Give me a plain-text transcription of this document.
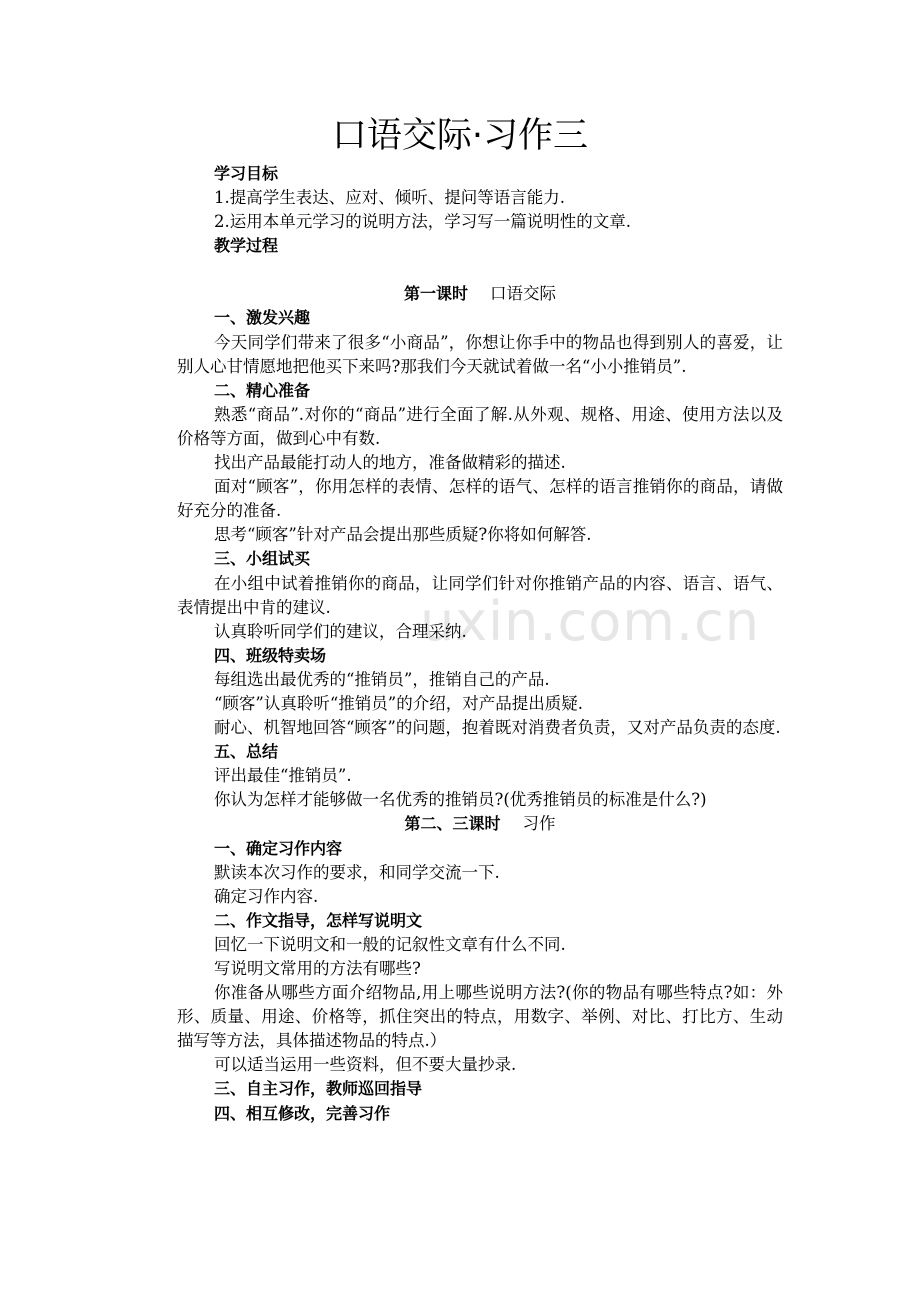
uxin.com.cn
口语交际·习作三

学习目标

1.提高学生表达、应对、倾听、提问等语言能力.

2.运用本单元学习的说明方法，学习写一篇说明性的文章.

教学过程

第一课时 口语交际

一、激发兴趣

今天同学们带来了很多“小商品”，你想让你手中的物品也得到别人的喜爱，让别人心甘情愿地把他买下来吗?那我们今天就试着做一名“小小推销员”.

二、精心准备

熟悉“商品”.对你的“商品”进行全面了解.从外观、规格、用途、使用方法以及价格等方面，做到心中有数.

找出产品最能打动人的地方，准备做精彩的描述.

面对“顾客”，你用怎样的表情、怎样的语气、怎样的语言推销你的商品，请做好充分的准备.

思考“顾客”针对产品会提出那些质疑?你将如何解答.

三、小组试买

在小组中试着推销你的商品，让同学们针对你推销产品的内容、语言、语气、表情提出中肯的建议.

认真聆听同学们的建议，合理采纳.

四、班级特卖场

每组选出最优秀的“推销员”，推销自己的产品.

“顾客”认真聆听“推销员”的介绍，对产品提出质疑.

耐心、机智地回答“顾客”的问题，抱着既对消费者负责，又对产品负责的态度.

五、总结

评出最佳“推销员”.

你认为怎样才能够做一名优秀的推销员?(优秀推销员的标准是什么?)

第二、三课时 习作

一、确定习作内容

默读本次习作的要求，和同学交流一下.

确定习作内容.

二、作文指导，怎样写说明文

回忆一下说明文和一般的记叙性文章有什么不同.

写说明文常用的方法有哪些?

你准备从哪些方面介绍物品,用上哪些说明方法?(你的物品有哪些特点?如：外形、质量、用途、价格等，抓住突出的特点，用数字、举例、对比、打比方、生动描写等方法，具体描述物品的特点.）

可以适当运用一些资料，但不要大量抄录.

三、自主习作，教师巡回指导

四、相互修改，完善习作
